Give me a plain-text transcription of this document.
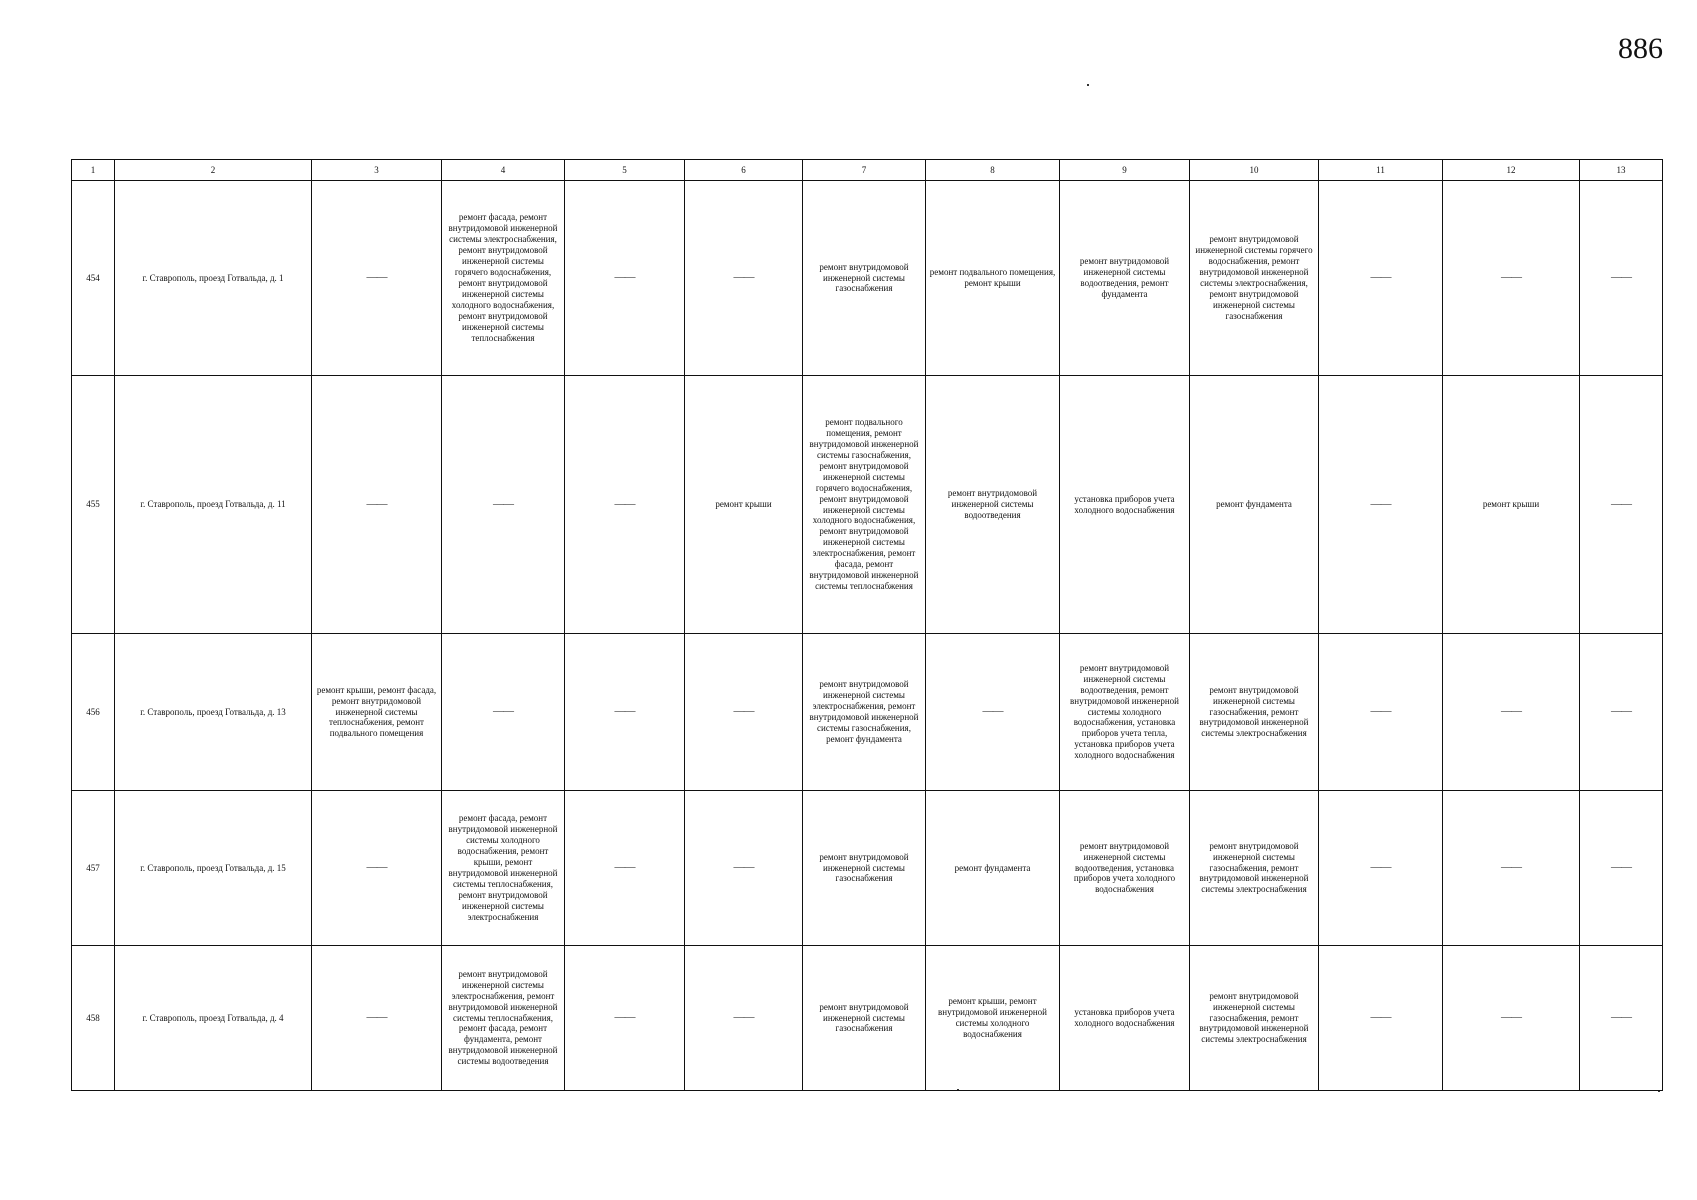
886
1	2	3	4	5	6	7	8	9	10	11	12	13
454	г. Ставрополь, проезд Готвальда, д. 1	——	ремонт фасада, ремонт внутридомовой инженерной системы электроснабжения, ремонт внутридомовой инженерной системы горячего водоснабжения, ремонт внутридомовой инженерной системы холодного водоснабжения, ремонт внутридомовой инженерной системы теплоснабжения	——	——	ремонт внутридомовой инженерной системы газоснабжения	ремонт подвального помещения, ремонт крыши	ремонт внутридомовой инженерной системы водоотведения, ремонт фундамента	ремонт внутридомовой инженерной системы горячего водоснабжения, ремонт внутридомовой инженерной системы электроснабжения, ремонт внутридомовой инженерной системы газоснабжения	——	——	——
455	г. Ставрополь, проезд Готвальда, д. 11	——	——	——	ремонт крыши	ремонт подвального помещения, ремонт внутридомовой инженерной системы газоснабжения, ремонт внутридомовой инженерной системы горячего водоснабжения, ремонт внутридомовой инженерной системы холодного водоснабжения, ремонт внутридомовой инженерной системы электроснабжения, ремонт фасада, ремонт внутридомовой инженерной системы теплоснабжения	ремонт внутридомовой инженерной системы водоотведения	установка приборов учета холодного водоснабжения	ремонт фундамента	——	ремонт крыши	——
456	г. Ставрополь, проезд Готвальда, д. 13	ремонт крыши, ремонт фасада, ремонт внутридомовой инженерной системы теплоснабжения, ремонт подвального помещения	——	——	——	ремонт внутридомовой инженерной системы электроснабжения, ремонт внутридомовой инженерной системы газоснабжения, ремонт фундамента	——	ремонт внутридомовой инженерной системы водоотведения, ремонт внутридомовой инженерной системы холодного водоснабжения, установка приборов учета тепла, установка приборов учета холодного водоснабжения	ремонт внутридомовой инженерной системы газоснабжения, ремонт внутридомовой инженерной системы электроснабжения	——	——	——
457	г. Ставрополь, проезд Готвальда, д. 15	——	ремонт фасада, ремонт внутридомовой инженерной системы холодного водоснабжения, ремонт крыши, ремонт внутридомовой инженерной системы теплоснабжения, ремонт внутридомовой инженерной системы электроснабжения	——	——	ремонт внутридомовой инженерной системы газоснабжения	ремонт фундамента	ремонт внутридомовой инженерной системы водоотведения, установка приборов учета холодного водоснабжения	ремонт внутридомовой инженерной системы газоснабжения, ремонт внутридомовой инженерной системы электроснабжения	——	——	——
458	г. Ставрополь, проезд Готвальда, д. 4	——	ремонт внутридомовой инженерной системы электроснабжения, ремонт внутридомовой инженерной системы теплоснабжения, ремонт фасада, ремонт фундамента, ремонт внутридомовой инженерной системы водоотведения	——	——	ремонт внутридомовой инженерной системы газоснабжения	ремонт крыши, ремонт внутридомовой инженерной системы холодного водоснабжения	установка приборов учета холодного водоснабжения	ремонт внутридомовой инженерной системы газоснабжения, ремонт внутридомовой инженерной системы электроснабжения	——	——	——
